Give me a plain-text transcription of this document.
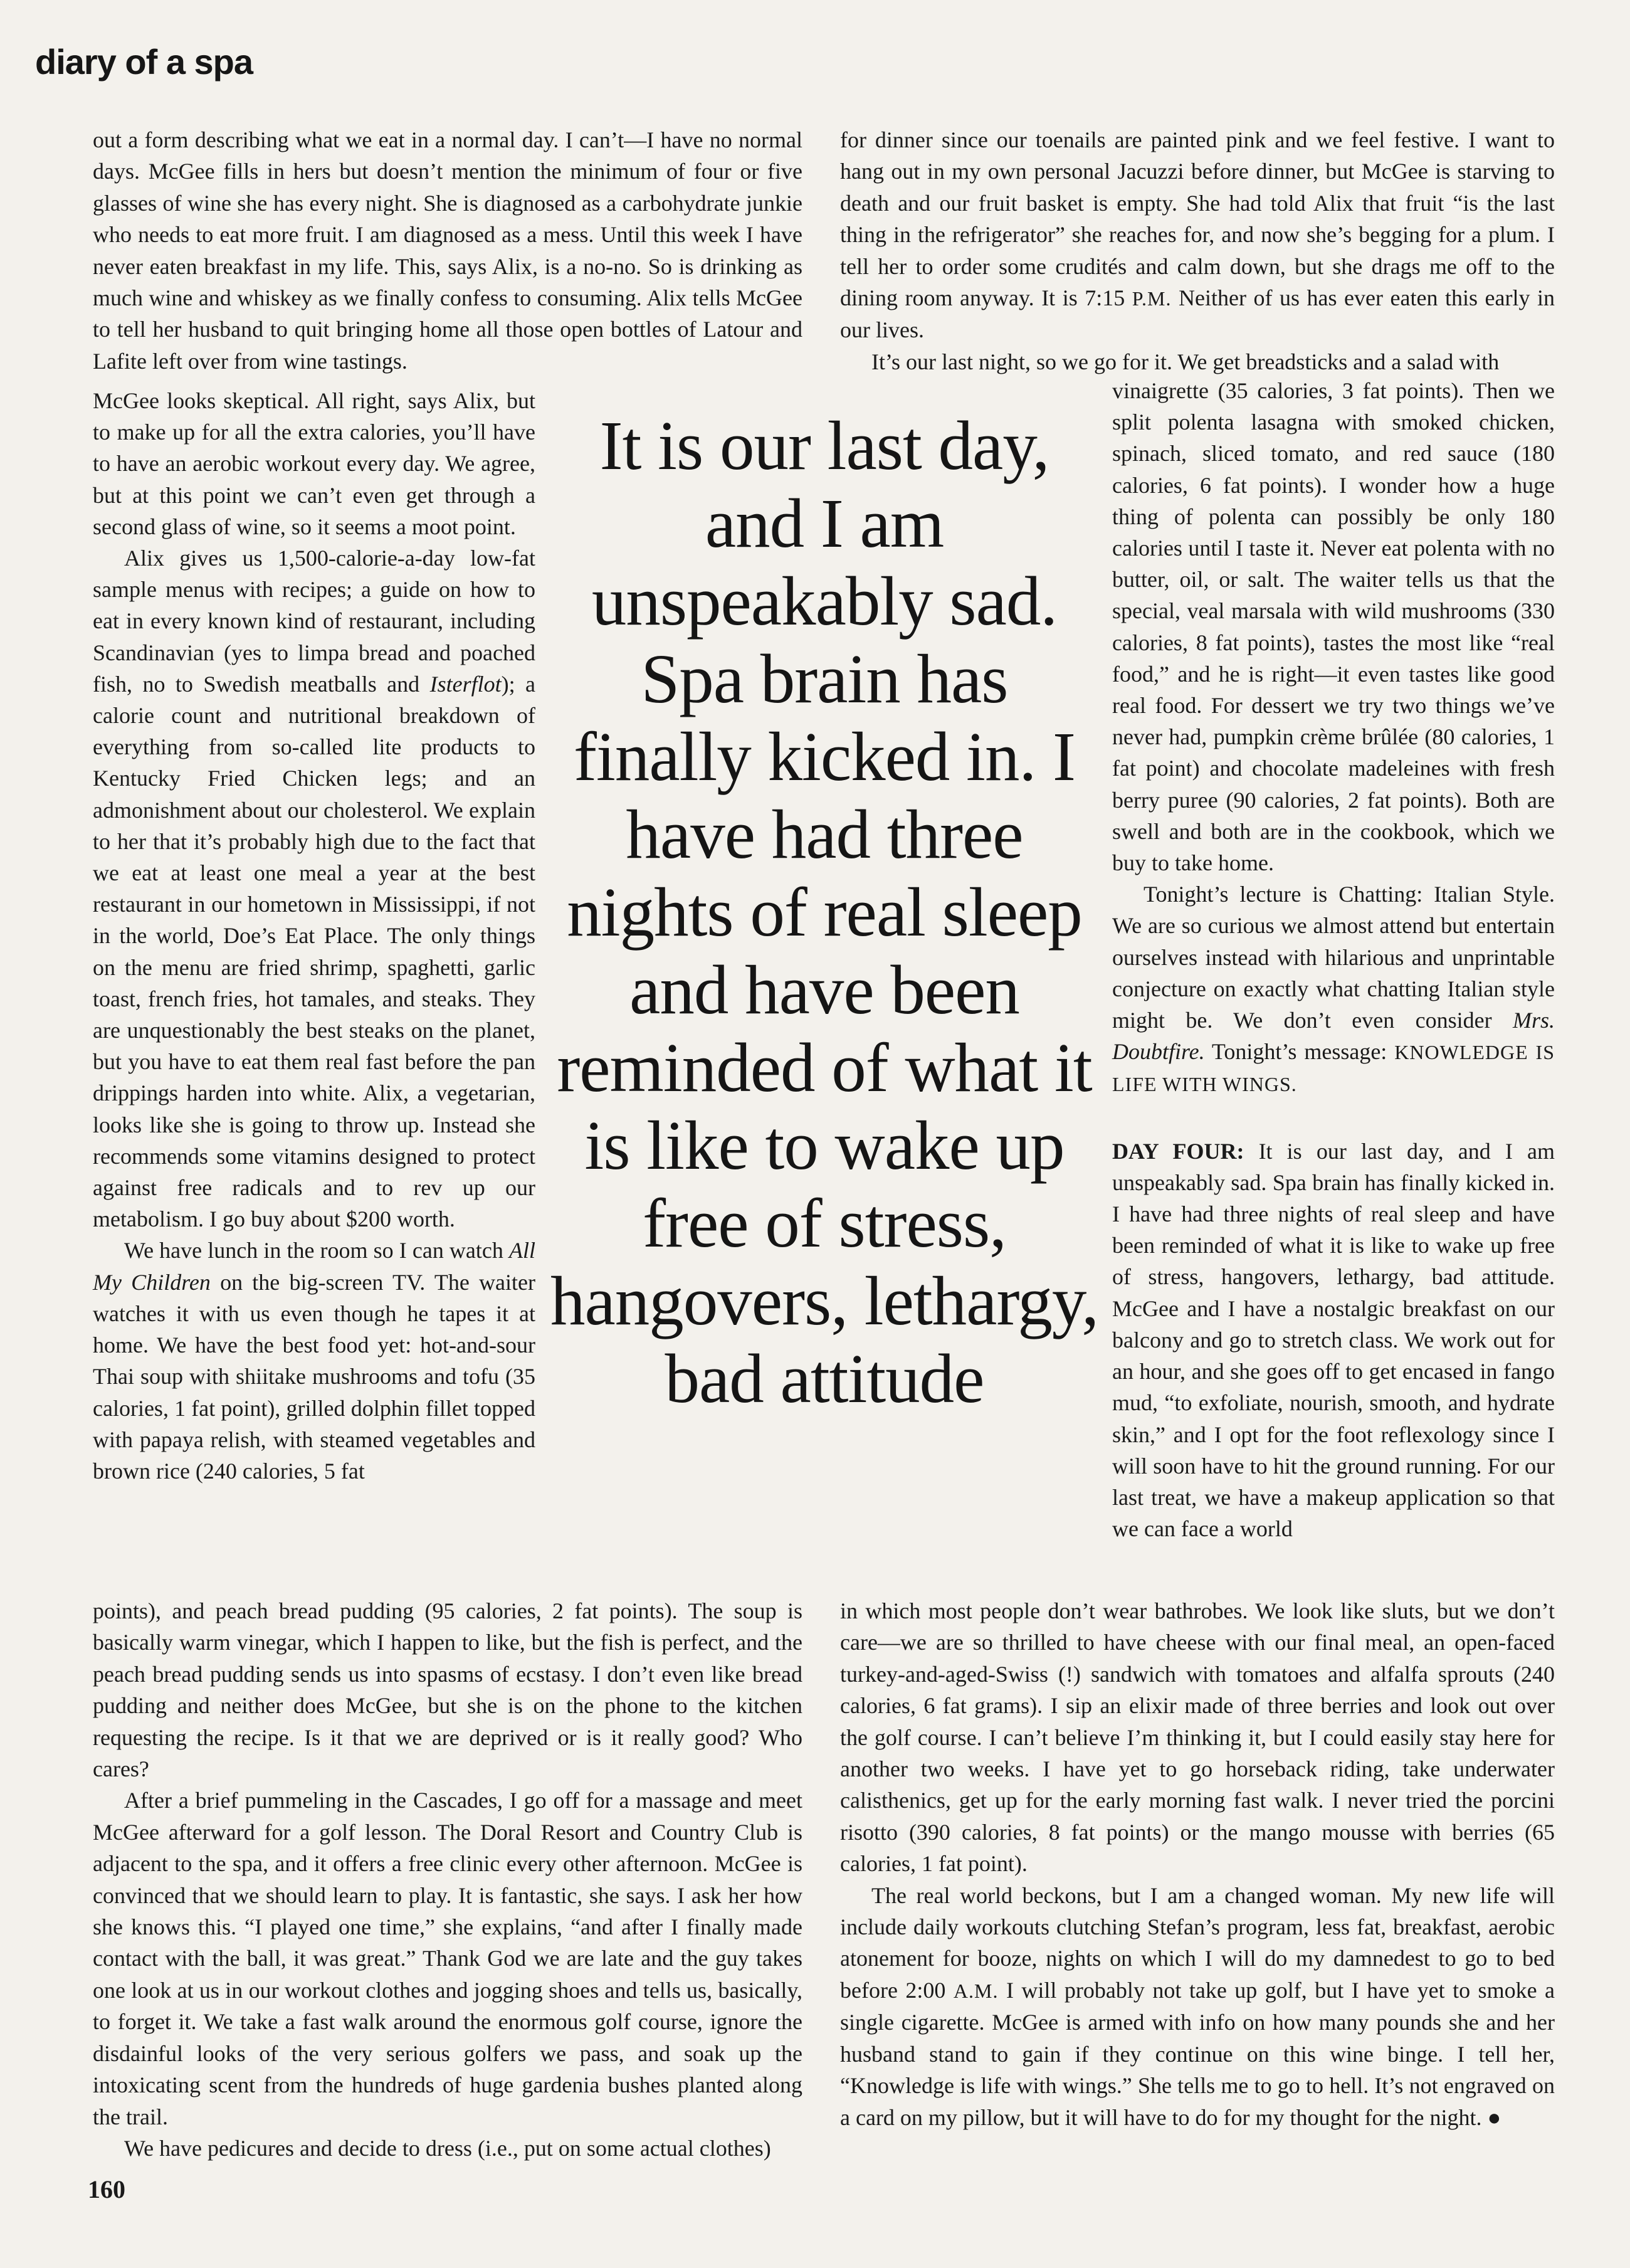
diary of a spa

out a form describing what we eat in a normal day. I can’t—I have no normal days. McGee fills in hers but doesn’t mention the minimum of four or five glasses of wine she has every night. She is diagnosed as a carbohydrate junkie who needs to eat more fruit. I am diagnosed as a mess. Until this week I have never eaten breakfast in my life. This, says Alix, is a no-no. So is drinking as much wine and whiskey as we finally confess to consuming. Alix tells McGee to tell her husband to quit bringing home all those open bottles of Latour and Lafite left over from wine tastings.

McGee looks skeptical. All right, says Alix, but to make up for all the extra calories, you’ll have to have an aerobic workout every day. We agree, but at this point we can’t even get through a second glass of wine, so it seems a moot point.

Alix gives us 1,500-calorie-a-day low-fat sample menus with recipes; a guide on how to eat in every known kind of restaurant, including Scandinavian (yes to limpa bread and poached fish, no to Swedish meatballs and Isterflot); a calorie count and nutritional breakdown of everything from so-called lite products to Kentucky Fried Chicken legs; and an admonishment about our cholesterol. We explain to her that it’s probably high due to the fact that we eat at least one meal a year at the best restaurant in our hometown in Mississippi, if not in the world, Doe’s Eat Place. The only things on the menu are fried shrimp, spaghetti, garlic toast, french fries, hot tamales, and steaks. They are unquestionably the best steaks on the planet, but you have to eat them real fast before the pan drippings harden into white. Alix, a vegetarian, looks like she is going to throw up. Instead she recommends some vitamins designed to protect against free radicals and to rev up our metabolism. I go buy about $200 worth.

We have lunch in the room so I can watch All My Children on the big-screen TV. The waiter watches it with us even though he tapes it at home. We have the best food yet: hot-and-sour Thai soup with shiitake mushrooms and tofu (35 calories, 1 fat point), grilled dolphin fillet topped with papaya relish, with steamed vegetables and brown rice (240 calories, 5 fat

It is our last day, and I am unspeakably sad. Spa brain has finally kicked in. I have had three nights of real sleep and have been reminded of what it is like to wake up free of stress, hangovers, lethargy, bad attitude

points), and peach bread pudding (95 calories, 2 fat points). The soup is basically warm vinegar, which I happen to like, but the fish is perfect, and the peach bread pudding sends us into spasms of ecstasy. I don’t even like bread pudding and neither does McGee, but she is on the phone to the kitchen requesting the recipe. Is it that we are deprived or is it really good? Who cares?

After a brief pummeling in the Cascades, I go off for a massage and meet McGee afterward for a golf lesson. The Doral Resort and Country Club is adjacent to the spa, and it offers a free clinic every other afternoon. McGee is convinced that we should learn to play. It is fantastic, she says. I ask her how she knows this. “I played one time,” she explains, “and after I finally made contact with the ball, it was great.” Thank God we are late and the guy takes one look at us in our workout clothes and jogging shoes and tells us, basically, to forget it. We take a fast walk around the enormous golf course, ignore the disdainful looks of the very serious golfers we pass, and soak up the intoxicating scent from the hundreds of huge gardenia bushes planted along the trail.

We have pedicures and decide to dress (i.e., put on some actual clothes)

for dinner since our toenails are painted pink and we feel festive. I want to hang out in my own personal Jacuzzi before dinner, but McGee is starving to death and our fruit basket is empty. She had told Alix that fruit “is the last thing in the refrigerator” she reaches for, and now she’s begging for a plum. I tell her to order some crudités and calm down, but she drags me off to the dining room anyway. It is 7:15 P.M. Neither of us has ever eaten this early in our lives.

It’s our last night, so we go for it. We get breadsticks and a salad with

vinaigrette (35 calories, 3 fat points). Then we split polenta lasagna with smoked chicken, spinach, sliced tomato, and red sauce (180 calories, 6 fat points). I wonder how a huge thing of polenta can possibly be only 180 calories until I taste it. Never eat polenta with no butter, oil, or salt. The waiter tells us that the special, veal marsala with wild mushrooms (330 calories, 8 fat points), tastes the most like “real food,” and he is right—it even tastes like good real food. For dessert we try two things we’ve never had, pumpkin crème brûlée (80 calories, 1 fat point) and chocolate madeleines with fresh berry puree (90 calories, 2 fat points). Both are swell and both are in the cookbook, which we buy to take home.

Tonight’s lecture is Chatting: Italian Style. We are so curious we almost attend but entertain ourselves instead with hilarious and unprintable conjecture on exactly what chatting Italian style might be. We don’t even consider Mrs. Doubtfire. Tonight’s message: KNOWLEDGE IS LIFE WITH WINGS.

DAY FOUR: It is our last day, and I am unspeakably sad. Spa brain has finally kicked in. I have had three nights of real sleep and have been reminded of what it is like to wake up free of stress, hangovers, lethargy, bad attitude. McGee and I have a nostalgic breakfast on our balcony and go to stretch class. We work out for an hour, and she goes off to get encased in fango mud, “to exfoliate, nourish, smooth, and hydrate skin,” and I opt for the foot reflexology since I will soon have to hit the ground running. For our last treat, we have a makeup application so that we can face a world

in which most people don’t wear bathrobes. We look like sluts, but we don’t care—we are so thrilled to have cheese with our final meal, an open-faced turkey-and-aged-Swiss (!) sandwich with tomatoes and alfalfa sprouts (240 calories, 6 fat grams). I sip an elixir made of three berries and look out over the golf course. I can’t believe I’m thinking it, but I could easily stay here for another two weeks. I have yet to go horseback riding, take underwater calisthenics, get up for the early morning fast walk. I never tried the porcini risotto (390 calories, 8 fat points) or the mango mousse with berries (65 calories, 1 fat point).

The real world beckons, but I am a changed woman. My new life will include daily workouts clutching Stefan’s program, less fat, breakfast, aerobic atonement for booze, nights on which I will do my damnedest to go to bed before 2:00 A.M. I will probably not take up golf, but I have yet to smoke a single cigarette. McGee is armed with info on how many pounds she and her husband stand to gain if they continue on this wine binge. I tell her, “Knowledge is life with wings.” She tells me to go to hell. It’s not engraved on a card on my pillow, but it will have to do for my thought for the night. ●

160
